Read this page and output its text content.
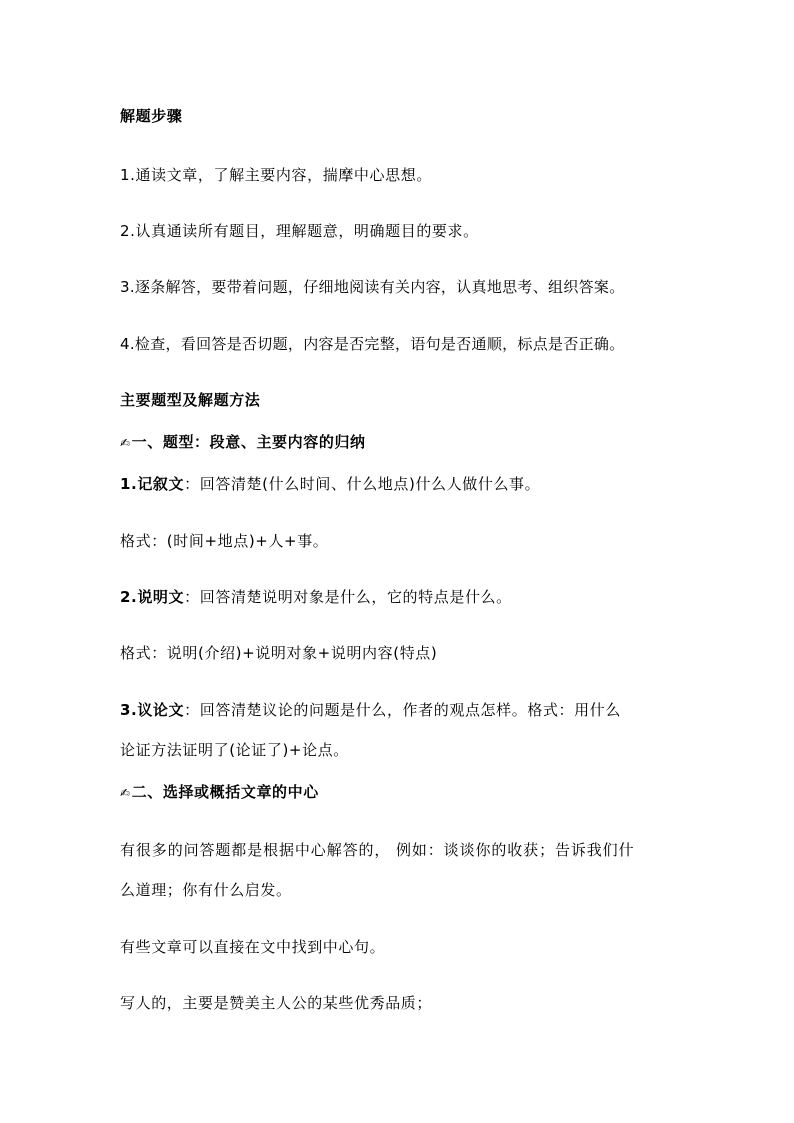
解题步骤
1.通读文章，了解主要内容，揣摩中心思想。
2.认真通读所有题目，理解题意，明确题目的要求。
3.逐条解答，要带着问题，仔细地阅读有关内容，认真地思考、组织答案。
4.检查，看回答是否切题，内容是否完整，语句是否通顺，标点是否正确。
主要题型及解题方法
✍一、题型：段意、主要内容的归纳
1.记叙文：回答清楚(什么时间、什么地点)什么人做什么事。
格式：(时间+地点)+人+事。
2.说明文：回答清楚说明对象是什么，它的特点是什么。
格式：说明(介绍)+说明对象+说明内容(特点)
3.议论文：回答清楚议论的问题是什么，作者的观点怎样。格式：用什么
论证方法证明了(论证了)+论点。
✍二、选择或概括文章的中心
有很多的问答题都是根据中心解答的， 例如：谈谈你的收获；告诉我们什
么道理；你有什么启发。
有些文章可以直接在文中找到中心句。
写人的，主要是赞美主人公的某些优秀品质；
